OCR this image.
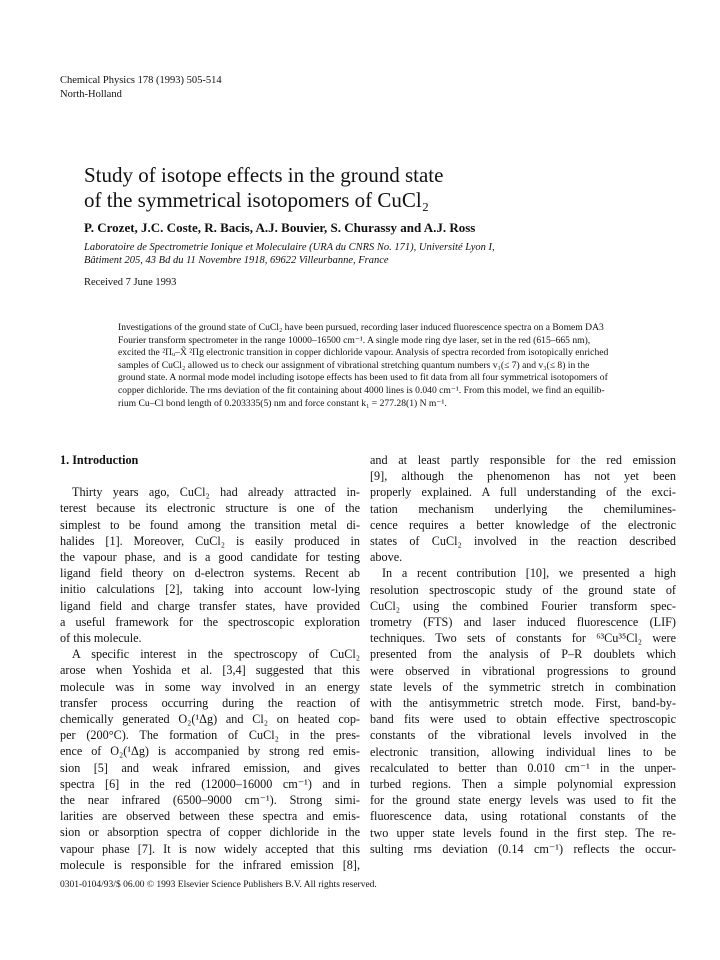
Chemical Physics 178 (1993) 505-514
North-Holland
Study of isotope effects in the ground state
of the symmetrical isotopomers of CuCl₂
P. Crozet, J.C. Coste, R. Bacis, A.J. Bouvier, S. Churassy and A.J. Ross
Laboratoire de Spectrometrie Ionique et Moleculaire (URA du CNRS No. 171), Université Lyon I,
Bâtiment 205, 43 Bd du 11 Novembre 1918, 69622 Villeurbanne, France
Received 7 June 1993
Investigations of the ground state of CuCl₂ have been pursued, recording laser induced fluorescence spectra on a Bomem DA3
Fourier transform spectrometer in the range 10000–16500 cm⁻¹. A single mode ring dye laser, set in the red (615–665 nm),
excited the ²Πᵤ–X̃ ²Πg electronic transition in copper dichloride vapour. Analysis of spectra recorded from isotopically enriched
samples of CuCl₂ allowed us to check our assignment of vibrational stretching quantum numbers v₁(≤ 7) and v₃(≤ 8) in the
ground state. A normal mode model including isotope effects has been used to fit data from all four symmetrical isotopomers of
copper dichloride. The rms deviation of the fit containing about 4000 lines is 0.040 cm⁻¹. From this model, we find an equilib-
rium Cu–Cl bond length of 0.203335(5) nm and force constant k₁ = 277.28(1) N m⁻¹.
1. Introduction
Thirty years ago, CuCl₂ had already attracted in-
terest because its electronic structure is one of the
simplest to be found among the transition metal di-
halides [1]. Moreover, CuCl₂ is easily produced in
the vapour phase, and is a good candidate for testing
ligand field theory on d-electron systems. Recent ab
initio calculations [2], taking into account low-lying
ligand field and charge transfer states, have provided
a useful framework for the spectroscopic exploration
of this molecule.
A specific interest in the spectroscopy of CuCl₂
arose when Yoshida et al. [3,4] suggested that this
molecule was in some way involved in an energy
transfer process occurring during the reaction of
chemically generated O₂(¹Δg) and Cl₂ on heated cop-
per (200°C). The formation of CuCl₂ in the pres-
ence of O₂(¹Δg) is accompanied by strong red emis-
sion [5] and weak infrared emission, and gives
spectra [6] in the red (12000–16000 cm⁻¹) and in
the near infrared (6500–9000 cm⁻¹). Strong simi-
larities are observed between these spectra and emis-
sion or absorption spectra of copper dichloride in the
vapour phase [7]. It is now widely accepted that this
molecule is responsible for the infrared emission [8],
and at least partly responsible for the red emission
[9], although the phenomenon has not yet been
properly explained. A full understanding of the exci-
tation mechanism underlying the chemilumines-
cence requires a better knowledge of the electronic
states of CuCl₂ involved in the reaction described
above.
In a recent contribution [10], we presented a high
resolution spectroscopic study of the ground state of
CuCl₂ using the combined Fourier transform spec-
trometry (FTS) and laser induced fluorescence (LIF)
techniques. Two sets of constants for ⁶³Cu³⁵Cl₂ were
presented from the analysis of P–R doublets which
were observed in vibrational progressions to ground
state levels of the symmetric stretch in combination
with the antisymmetric stretch mode. First, band-by-
band fits were used to obtain effective spectroscopic
constants of the vibrational levels involved in the
electronic transition, allowing individual lines to be
recalculated to better than 0.010 cm⁻¹ in the unper-
turbed regions. Then a simple polynomial expression
for the ground state energy levels was used to fit the
fluorescence data, using rotational constants of the
two upper state levels found in the first step. The re-
sulting rms deviation (0.14 cm⁻¹) reflects the occur-
0301-0104/93/$ 06.00 © 1993 Elsevier Science Publishers B.V. All rights reserved.
